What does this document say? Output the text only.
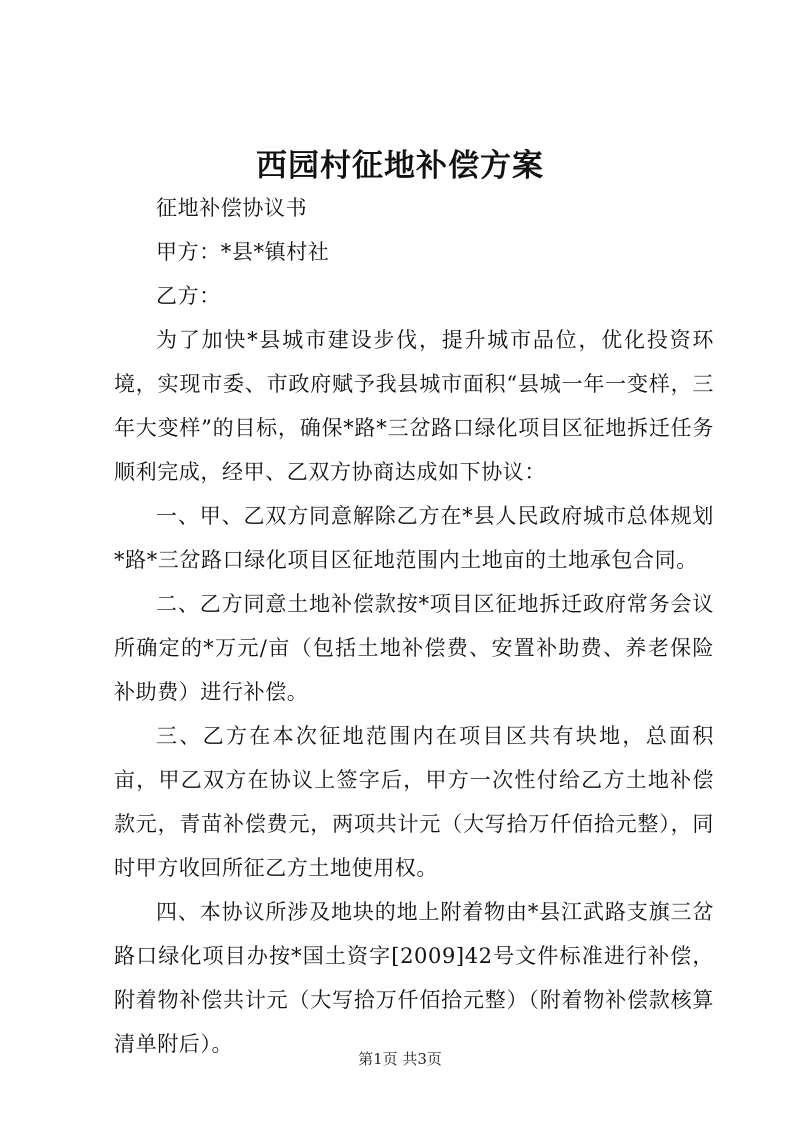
西园村征地补偿方案

征地补偿协议书

甲方：*县*镇村社

乙方：

为了加快*县城市建设步伐，提升城市品位，优化投资环境，实现市委、市政府赋予我县城市面积“县城一年一变样，三年大变样”的目标，确保*路*三岔路口绿化项目区征地拆迁任务顺利完成，经甲、乙双方协商达成如下协议：

一、甲、乙双方同意解除乙方在*县人民政府城市总体规划*路*三岔路口绿化项目区征地范围内土地亩的土地承包合同。

二、乙方同意土地补偿款按*项目区征地拆迁政府常务会议所确定的*万元/亩（包括土地补偿费、安置补助费、养老保险补助费）进行补偿。

三、乙方在本次征地范围内在项目区共有块地，总面积亩，甲乙双方在协议上签字后，甲方一次性付给乙方土地补偿款元，青苗补偿费元，两项共计元（大写拾万仟佰拾元整），同时甲方收回所征乙方土地使用权。

四、本协议所涉及地块的地上附着物由*县江武路支旗三岔路口绿化项目办按*国土资字[2009]42号文件标准进行补偿，附着物补偿共计元（大写拾万仟佰拾元整）（附着物补偿款核算清单附后）。

第1页 共3页
